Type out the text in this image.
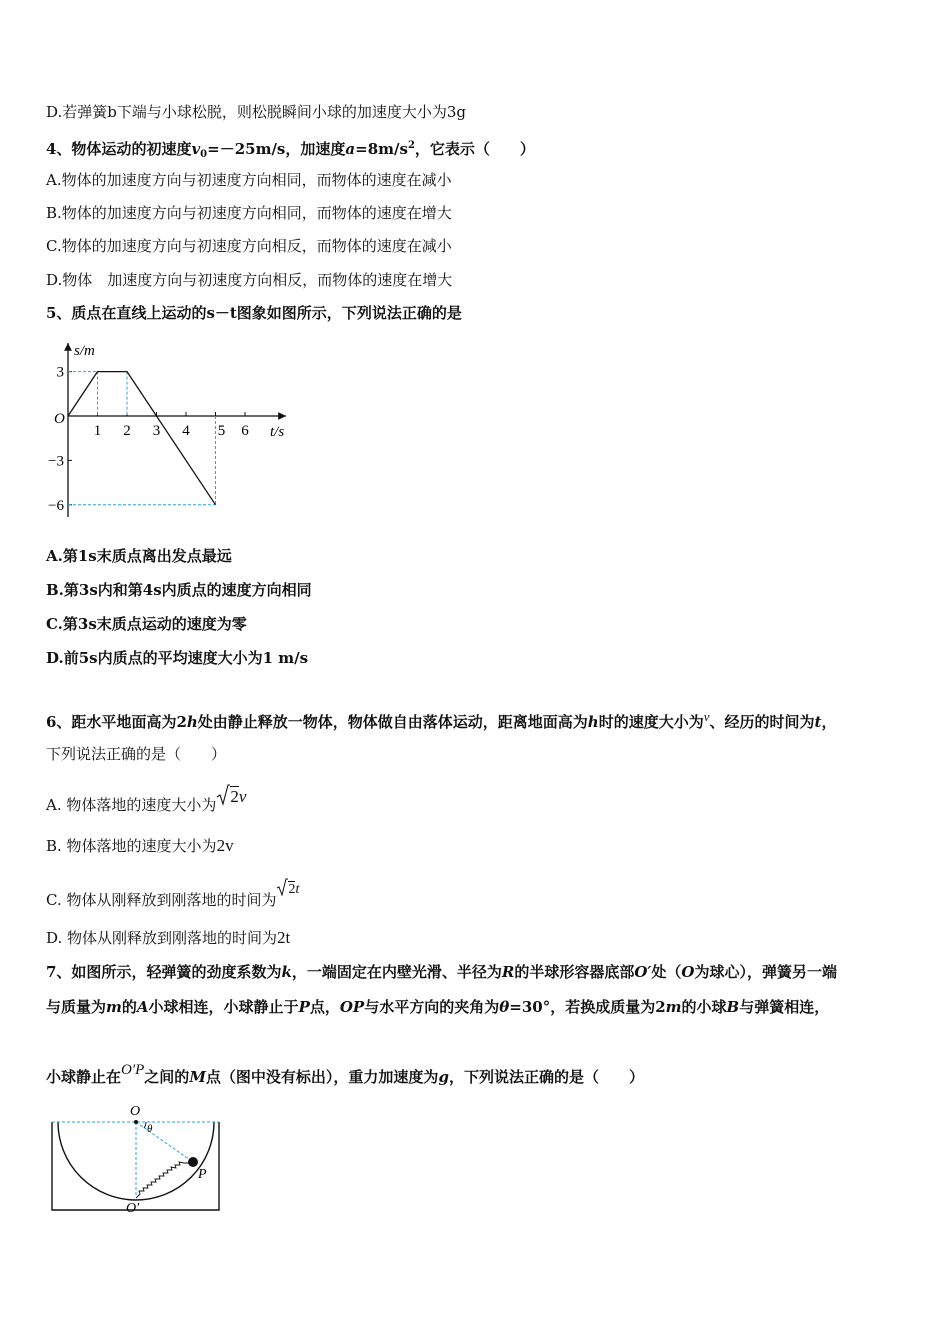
D.若弹簧b下端与小球松脱，则松脱瞬间小球的加速度大小为3g
4、物体运动的初速度$v_0=-25m/s$，加速度$a=8m/s^2$，它表示（　　）
A.物体的加速度方向与初速度方向相同，而物体的速度在减小
B.物体的加速度方向与初速度方向相同，而物体的速度在增大
C.物体的加速度方向与初速度方向相反，而物体的速度在减小
D.物体　加速度方向与初速度方向相反，而物体的速度在增大
5、质点在直线上运动的s－t图象如图所示，下列说法正确的是
s/m
t/s
O
1 2 3 4 5 6
3
−3
−6
A.第1s末质点离出发点最远
B.第3s内和第4s内质点的速度方向相同
C.第3s末质点运动的速度为零
D.前5s内质点的平均速度大小为1 m/s
6、距水平地面高为2h处由静止释放一物体，物体做自由落体运动，距离地面高为h时的速度大小为v、经历的时间为t，
下列说法正确的是（　　）
A. 物体落地的速度大小为 2v
B. 物体落地的速度大小为2v
C. 物体从刚释放到刚落地的时间为2t
D. 物体从刚释放到刚落地的时间为2t
7、如图所示，轻弹簧的劲度系数为k，一端固定在内壁光滑、半径为R的半球形容器底部O′处（O为球心），弹簧另一端
与质量为m的A小球相连，小球静止于P点，OP与水平方向的夹角为θ=30°，若换成质量为2m的小球B与弹簧相连，
小球静止在O′P之间的M点（图中没有标出），重力加速度为g，下列说法正确的是（　　）
O
θ
P
O′
